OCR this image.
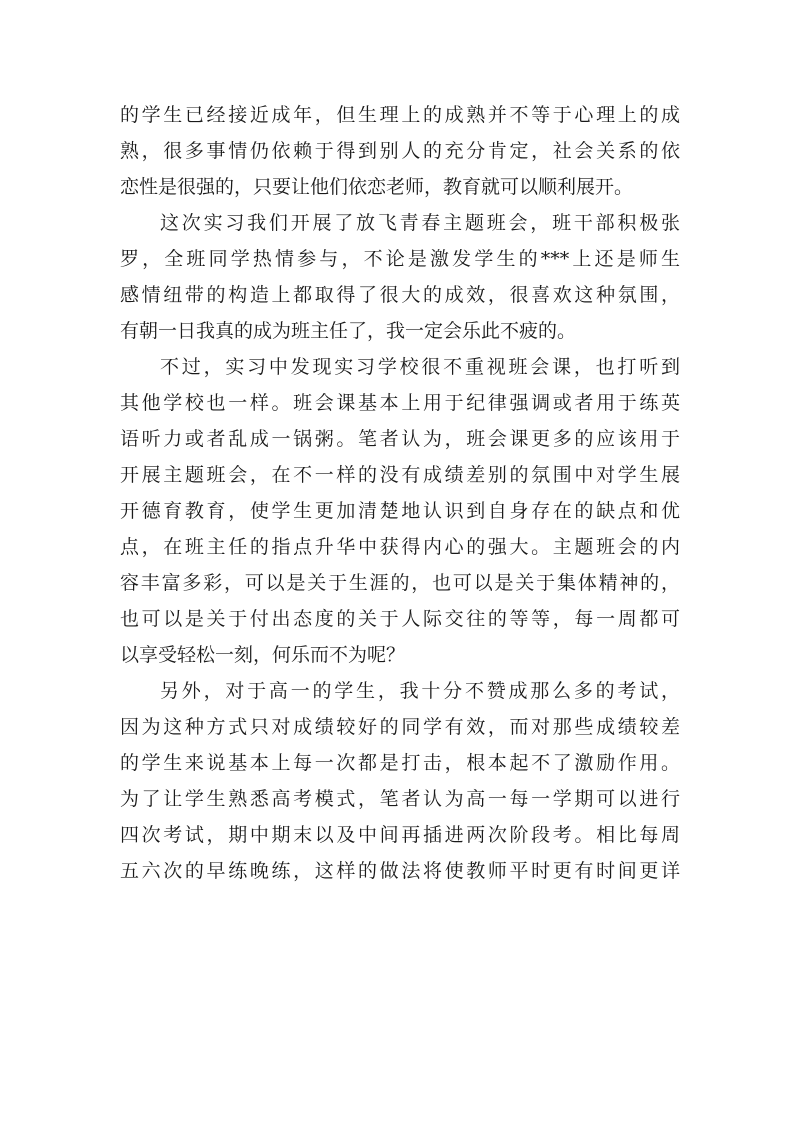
的学生已经接近成年，但生理上的成熟并不等于心理上的成
熟，很多事情仍依赖于得到别人的充分肯定，社会关系的依
恋性是很强的，只要让他们依恋老师，教育就可以顺利展开。
这次实习我们开展了放飞青春主题班会，班干部积极张
罗，全班同学热情参与，不论是激发学生的***上还是师生
感情纽带的构造上都取得了很大的成效，很喜欢这种氛围，
有朝一日我真的成为班主任了，我一定会乐此不疲的。
不过，实习中发现实习学校很不重视班会课，也打听到
其他学校也一样。班会课基本上用于纪律强调或者用于练英
语听力或者乱成一锅粥。笔者认为，班会课更多的应该用于
开展主题班会，在不一样的没有成绩差别的氛围中对学生展
开德育教育，使学生更加清楚地认识到自身存在的缺点和优
点，在班主任的指点升华中获得内心的强大。主题班会的内
容丰富多彩，可以是关于生涯的，也可以是关于集体精神的，
也可以是关于付出态度的关于人际交往的等等，每一周都可
以享受轻松一刻，何乐而不为呢？
另外，对于高一的学生，我十分不赞成那么多的考试，
因为这种方式只对成绩较好的同学有效，而对那些成绩较差
的学生来说基本上每一次都是打击，根本起不了激励作用。
为了让学生熟悉高考模式，笔者认为高一每一学期可以进行
四次考试，期中期末以及中间再插进两次阶段考。相比每周
五六次的早练晚练，这样的做法将使教师平时更有时间更详
